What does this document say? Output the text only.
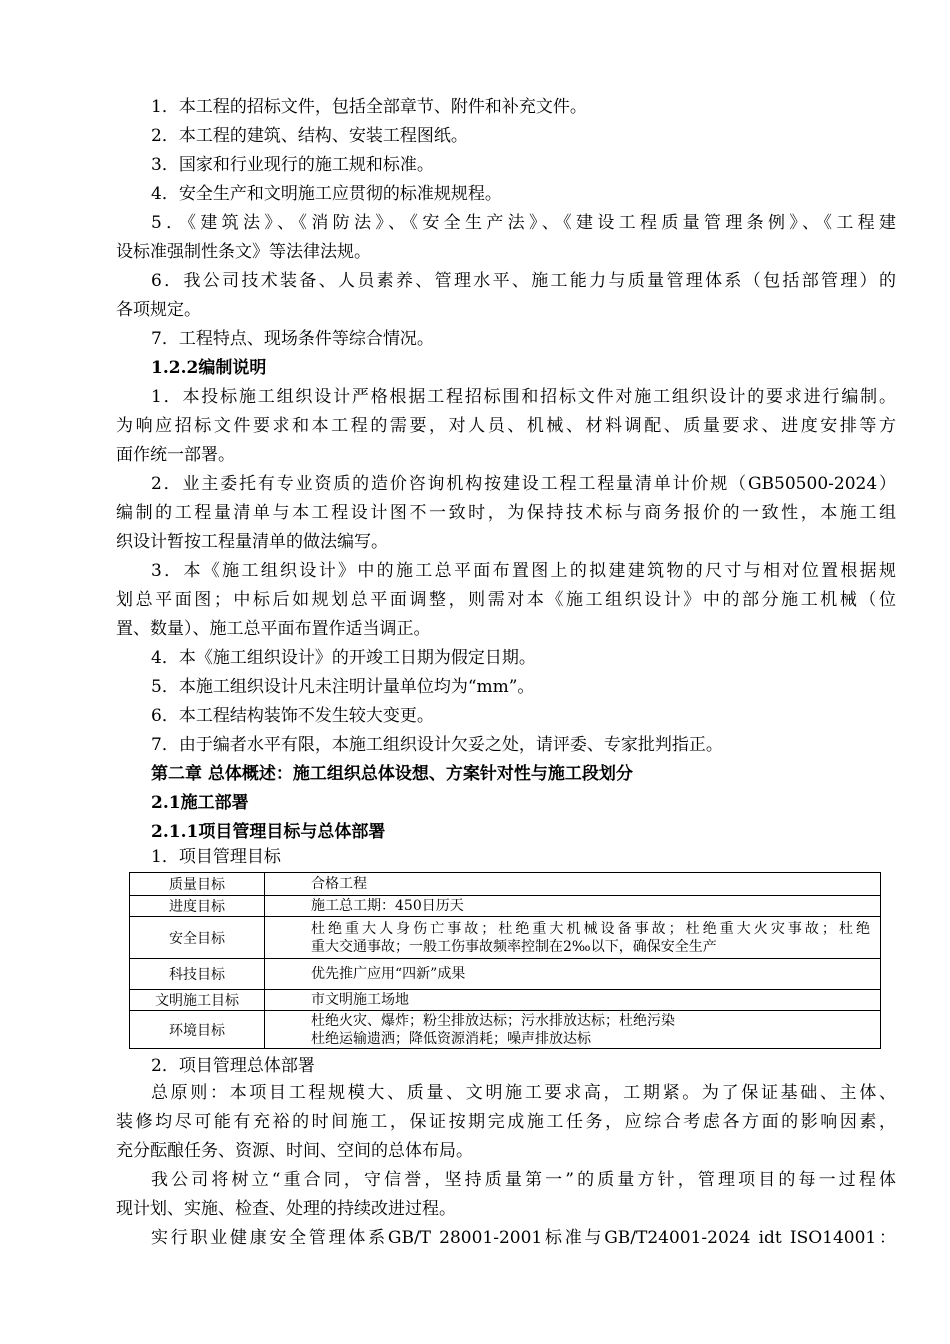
1．本工程的招标文件，包括全部章节、附件和补充文件。
2．本工程的建筑、结构、安装工程图纸。
3．国家和行业现行的施工规和标准。
4．安全生产和文明施工应贯彻的标准规规程。
5．《建筑法》、《消防法》、《安全生产法》、《建设工程质量管理条例》、《工程建
设标准强制性条文》等法律法规。
6．我公司技术装备、人员素养、管理水平、施工能力与质量管理体系（包括部管理）的
各项规定。
7．工程特点、现场条件等综合情况。
1.2.2编制说明
1．本投标施工组织设计严格根据工程招标围和招标文件对施工组织设计的要求进行编制。
为响应招标文件要求和本工程的需要，对人员、机械、材料调配、质量要求、进度安排等方
面作统一部署。
2．业主委托有专业资质的造价咨询机构按建设工程工程量清单计价规（GB50500-2024）
编制的工程量清单与本工程设计图不一致时，为保持技术标与商务报价的一致性，本施工组
织设计暂按工程量清单的做法编写。
3．本《施工组织设计》中的施工总平面布置图上的拟建建筑物的尺寸与相对位置根据规
划总平面图；中标后如规划总平面调整，则需对本《施工组织设计》中的部分施工机械（位
置、数量）、施工总平面布置作适当调正。
4．本《施工组织设计》的开竣工日期为假定日期。
5．本施工组织设计凡未注明计量单位均为“mm”。
6．本工程结构装饰不发生较大变更。
7．由于编者水平有限，本施工组织设计欠妥之处，请评委、专家批判指正。
第二章 总体概述：施工组织总体设想、方案针对性与施工段划分
2.1施工部署
2.1.1项目管理目标与总体部署
1．项目管理目标
质量目标	合格工程
进度目标	施工总工期：450日历天
安全目标	杜绝重大人身伤亡事故；杜绝重大机械设备事故；杜绝重大火灾事故；杜绝
重大交通事故；一般工伤事故频率控制在2‰以下，确保安全生产

科技目标	优先推广应用“四新”成果
文明施工目标	市文明施工场地
环境目标	杜绝火灾、爆炸；粉尘排放达标；污水排放达标；杜绝污染
杜绝运输遗洒；降低资源消耗；噪声排放达标
2．项目管理总体部署
总原则：本项目工程规模大、质量、文明施工要求高，工期紧。为了保证基础、主体、
装修均尽可能有充裕的时间施工，保证按期完成施工任务，应综合考虑各方面的影响因素，
充分酝酿任务、资源、时间、空间的总体布局。
我公司将树立“重合同，守信誉，坚持质量第一”的质量方针，管理项目的每一过程体
现计划、实施、检查、处理的持续改进过程。
实行职业健康安全管理体系GB/T 28001-2001标准与GB/T24001-2024 idt ISO14001：
